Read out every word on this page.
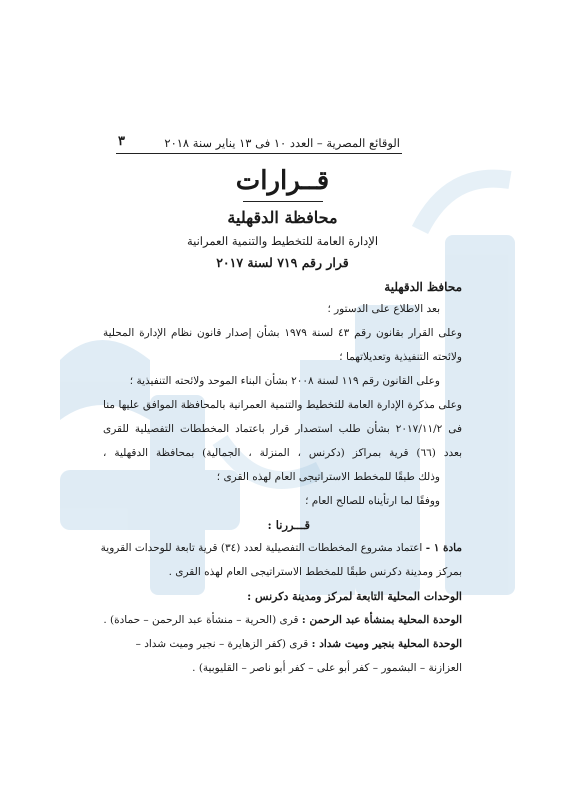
الوقائع المصرية – العدد ١٠ فى ١٣ يناير سنة ٢٠١٨
٣
قــرارات
محافظة الدقهلية
الإدارة العامة للتخطيط والتنمية العمرانية
قرار رقم ٧١٩ لسنة ٢٠١٧
محافظ الدقهلية
بعد الاطلاع على الدستور ؛
وعلى القرار بقانون رقم ٤٣ لسنة ١٩٧٩ بشأن إصدار قانون نظام الإدارة المحلية
ولائحته التنفيذية وتعديلاتهما ؛
وعلى القانون رقم ١١٩ لسنة ٢٠٠٨ بشأن البناء الموحد ولائحته التنفيذية ؛
وعلى مذكرة الإدارة العامة للتخطيط والتنمية العمرانية بالمحافظة الموافق عليها منا
فى ٢٠١٧/١١/٢ بشأن طلب استصدار قرار باعتماد المخططات التفصيلية للقرى
بعدد (٦٦) قرية بمراكز (دكرنس ، المنزلة ، الجمالية) بمحافظة الدقهلية ،
وذلك طبقًا للمخطط الاستراتيجى العام لهذه القرى ؛
ووفقًا لما ارتأيناه للصالح العام ؛
قـــررنا :
مادة ١ - اعتماد مشروع المخططات التفصيلية لعدد (٣٤) قرية تابعة للوحدات القروية
بمركز ومدينة دكرنس طبقًا للمخطط الاستراتيجى العام لهذه القرى .
الوحدات المحلية التابعة لمركز ومدينة دكرنس :
الوحدة المحلية بمنشأة عبد الرحمن : قرى (الحرية – منشأة عبد الرحمن – حمادة) .
الوحدة المحلية بنجير وميت شداد : قرى (كفر الزهايرة – نجير وميت شداد –
العزازنة – البشمور – كفر أبو على – كفر أبو ناصر – القليوبية) .
